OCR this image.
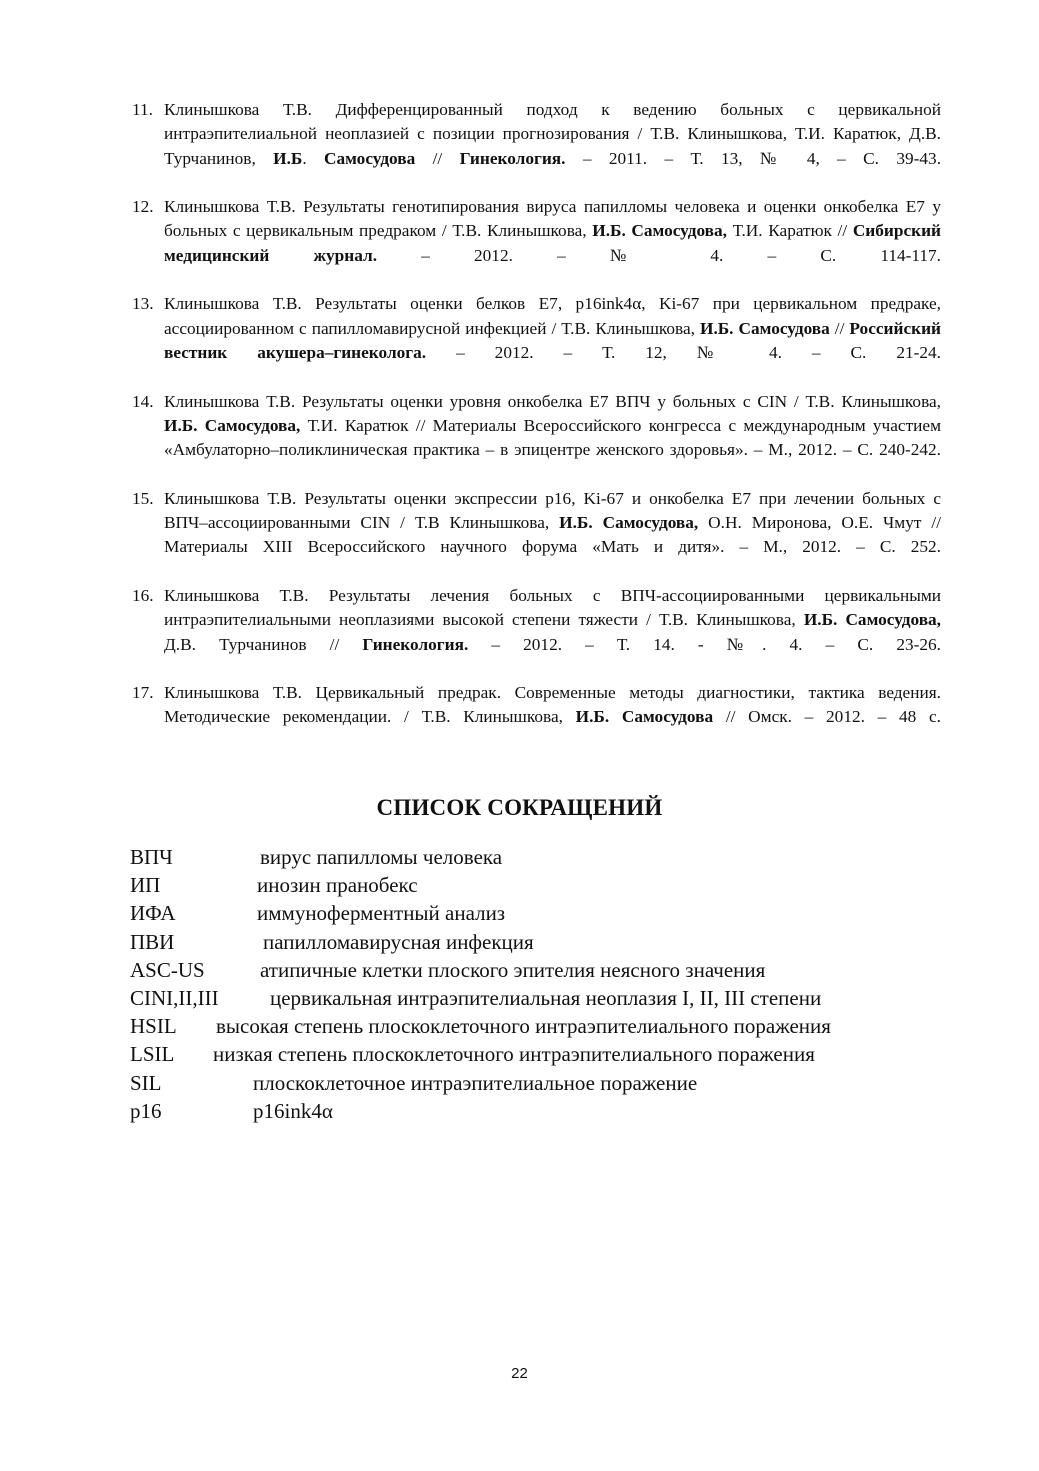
11. Клинышкова Т.В. Дифференцированный подход к ведению больных с цервикальной интраэпителиальной неоплазией с позиции прогнозирования / Т.В. Клинышкова, Т.И. Каратюк, Д.В. Турчанинов, И.Б. Самосудова // Гинекология. – 2011. – Т. 13, № 4, – С. 39-43.
12. Клинышкова Т.В. Результаты генотипирования вируса папилломы человека и оценки онкобелка Е7 у больных с цервикальным предраком / Т.В. Клинышкова, И.Б. Самосудова, Т.И. Каратюк // Сибирский медицинский журнал. – 2012. – № 4. – С. 114-117.
13. Клинышкова Т.В. Результаты оценки белков Е7, p16ink4α, Ki-67 при цервикальном предраке, ассоциированном с папилломавирусной инфекцией / Т.В. Клинышкова, И.Б. Самосудова // Российский вестник акушера–гинеколога. – 2012. – Т. 12, № 4. – С. 21-24.
14. Клинышкова Т.В. Результаты оценки уровня онкобелка Е7 ВПЧ у больных с CIN / Т.В. Клинышкова, И.Б. Самосудова, Т.И. Каратюк // Материалы Всероссийского конгресса с международным участием «Амбулаторно–поликлиническая практика – в эпицентре женского здоровья». – М., 2012. – С. 240-242.
15. Клинышкова Т.В. Результаты оценки экспрессии p16, Ki-67 и онкобелка Е7 при лечении больных с ВПЧ–ассоциированными CIN / Т.В Клинышкова, И.Б. Самосудова, О.Н. Миронова, О.Е. Чмут // Материалы XIII Всероссийского научного форума «Мать и дитя». – М., 2012. – С. 252.
16. Клинышкова Т.В. Результаты лечения больных с ВПЧ-ассоциированными цервикальными интраэпителиальными неоплазиями высокой степени тяжести / Т.В. Клинышкова, И.Б. Самосудова, Д.В. Турчанинов // Гинекология. – 2012. – Т. 14. - №. 4. – С. 23-26.
17. Клинышкова Т.В. Цервикальный предрак. Современные методы диагностики, тактика ведения. Методические рекомендации. / Т.В. Клинышкова, И.Б. Самосудова // Омск. – 2012. – 48 с.
СПИСОК СОКРАЩЕНИЙ
ВПЧ	вирус папилломы человека
ИП	инозин пранобекс
ИФА	иммуноферментный анализ
ПВИ	папилломавирусная инфекция
ASC-US	атипичные клетки плоского эпителия неясного значения
CINI,II,III цервикальная интраэпителиальная неоплазия I, II, III степени
HSIL высокая степень плоскоклеточного интраэпителиального поражения
LSIL низкая степень плоскоклеточного интраэпителиального поражения
SIL	плоскоклеточное интраэпителиальное поражение
p16	p16ink4α
22
